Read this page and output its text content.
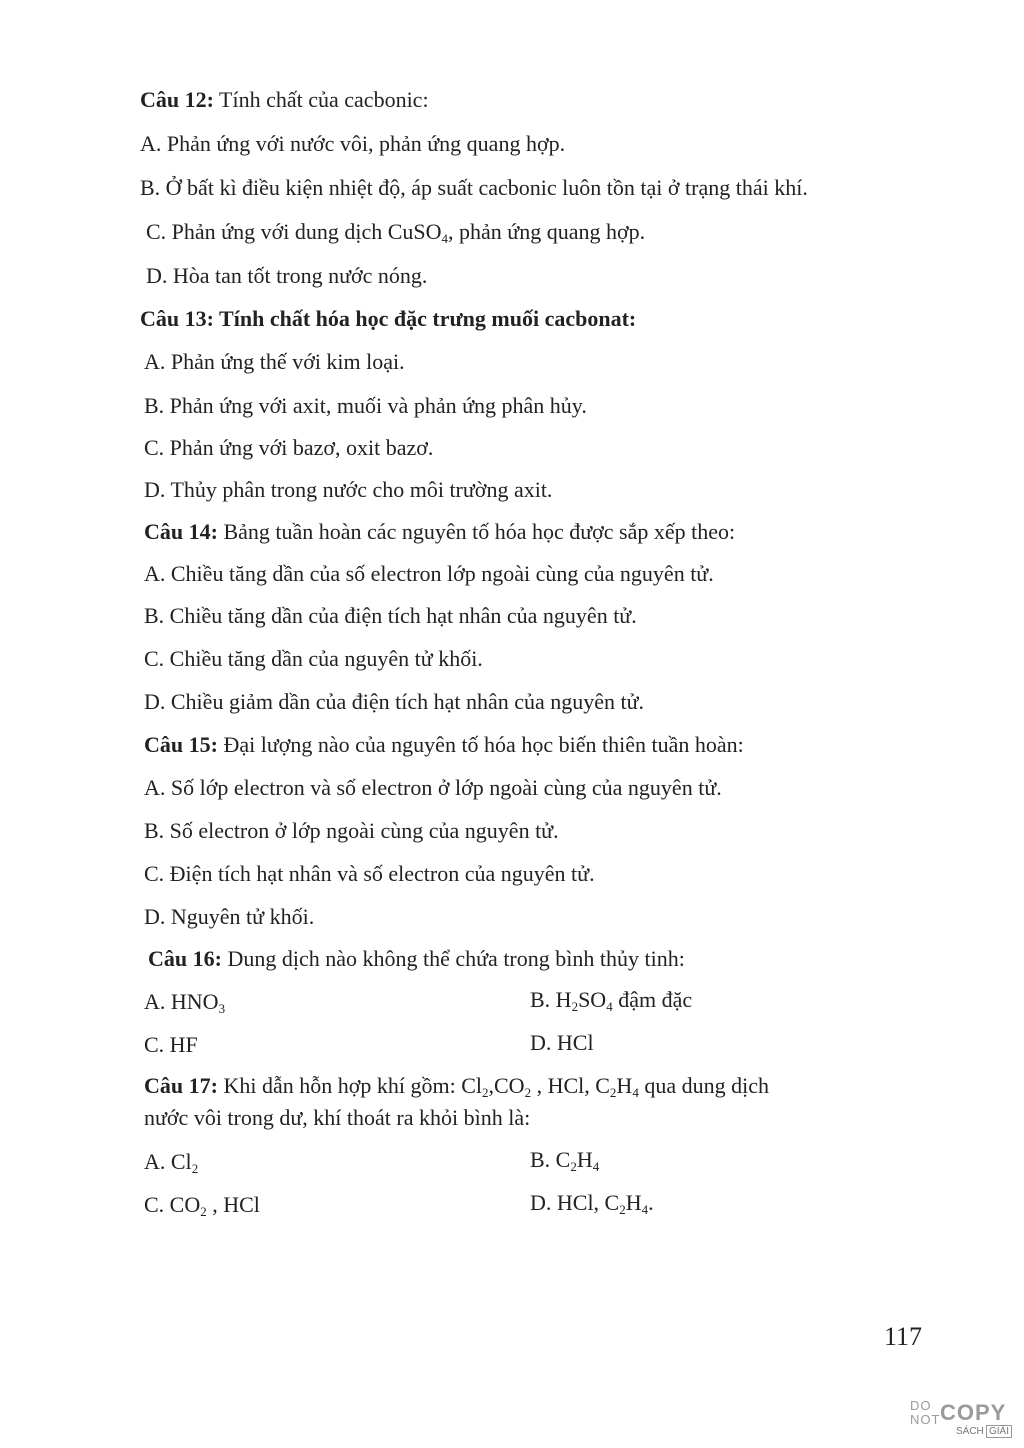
Câu 12: Tính chất của cacbonic:
A. Phản ứng với nước vôi, phản ứng quang hợp.
B. Ở bất kì điều kiện nhiệt độ, áp suất cacbonic luôn tồn tại ở trạng thái khí.
C. Phản ứng với dung dịch CuSO$_4$, phản ứng quang hợp.
D. Hòa tan tốt trong nước nóng.
Câu 13: Tính chất hóa học đặc trưng muối cacbonat:
A. Phản ứng thế với kim loại.
B. Phản ứng với axit, muối và phản ứng phân hủy.
C. Phản ứng với bazơ, oxit bazơ.
D. Thủy phân trong nước cho môi trường axit.
Câu 14: Bảng tuần hoàn các nguyên tố hóa học được sắp xếp theo:
A. Chiều tăng dần của số electron lớp ngoài cùng của nguyên tử.
B. Chiều tăng dần của điện tích hạt nhân của nguyên tử.
C. Chiều tăng dần của nguyên tử khối.
D. Chiều giảm dần của điện tích hạt nhân của nguyên tử.
Câu 15: Đại lượng nào của nguyên tố hóa học biến thiên tuần hoàn:
A. Số lớp electron và số electron ở lớp ngoài cùng của nguyên tử.
B. Số electron ở lớp ngoài cùng của nguyên tử.
C. Điện tích hạt nhân và số electron của nguyên tử.
D. Nguyên tử khối.
Câu 16: Dung dịch nào không thể chứa trong bình thủy tinh:
A. $HNO_3$	B. $H_2SO_4$ đậm đặc
C. HF	D. HCl
Câu 17: Khi dẫn hỗn hợp khí gồm: $Cl_2,CO_2$ , HCl, $C_2H_4$ qua dung dịch
nước vôi trong dư, khí thoát ra khỏi bình là:
A. $Cl_2$	B. $C_2H_4$
C. $CO_2$ , HCl	D. HCl, $C_2H_4$.
117
DO
NOT COPY
SÁCH GIẢI
